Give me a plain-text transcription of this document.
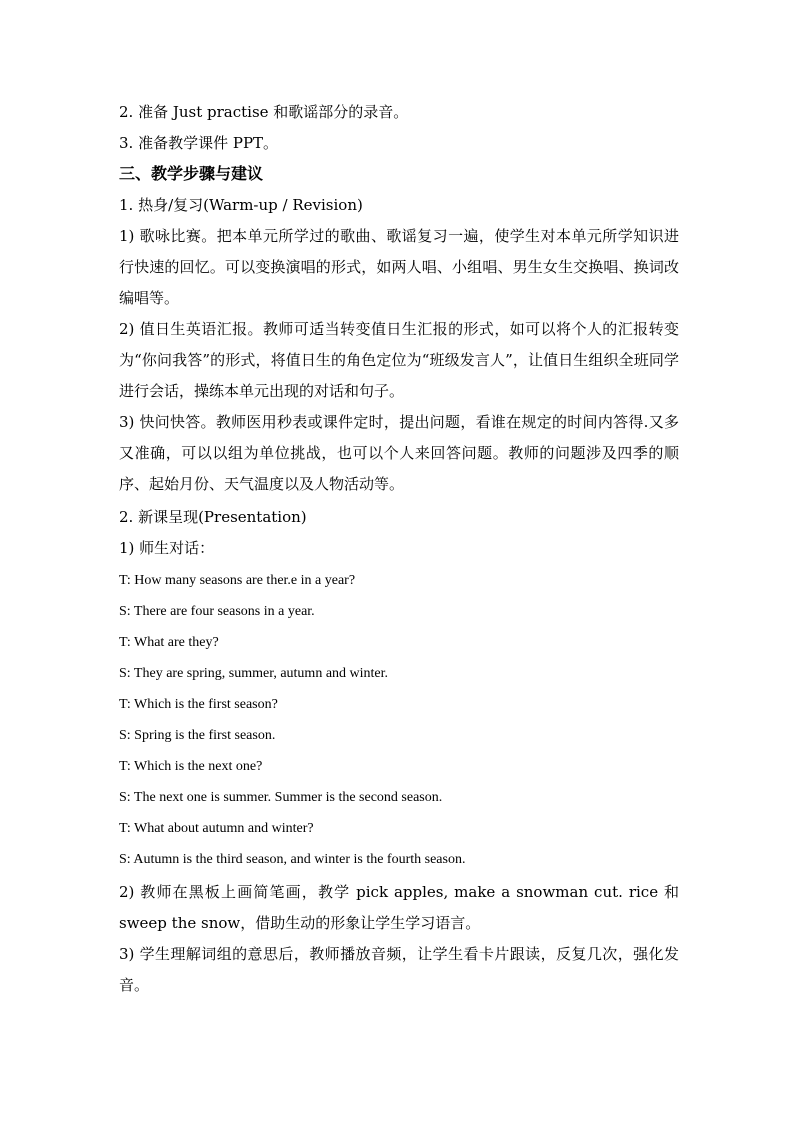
2. 准备 Just practise 和歌谣部分的录音。

3. 准备教学课件 PPT。

三、教学步骤与建议

1. 热身/复习(Warm-up / Revision)

1) 歌咏比赛。把本单元所学过的歌曲、歌谣复习一遍，使学生对本单元所学知识进行快速的回忆。可以变换演唱的形式，如两人唱、小组唱、男生女生交换唱、换词改编唱等。

2) 值日生英语汇报。教师可适当转变值日生汇报的形式，如可以将个人的汇报转变为“你问我答”的形式，将值日生的角色定位为“班级发言人”，让值日生组织全班同学进行会话，操练本单元出现的对话和句子。

3) 快问快答。教师医用秒表或课件定时，提出问题，看谁在规定的时间内答得.又多又准确，可以以组为单位挑战，也可以个人来回答问题。教师的问题涉及四季的顺序、起始月份、天气温度以及人物活动等。

2. 新课呈现(Presentation)

1) 师生对话：

T: How many seasons are ther.e in a year?

S: There are four seasons in a year.

T: What are they?

S: They are spring, summer, autumn and winter.

T: Which is the first season?

S: Spring is the first season.

T: Which is the next one?

S: The next one is summer. Summer is the second season.

T: What about autumn and winter?

S: Autumn is the third season, and winter is the fourth season.

2) 教师在黑板上画简笔画，教学 pick apples, make a snowman cut. rice 和 sweep the snow，借助生动的形象让学生学习语言。

3) 学生理解词组的意思后，教师播放音频，让学生看卡片跟读，反复几次，强化发音。
